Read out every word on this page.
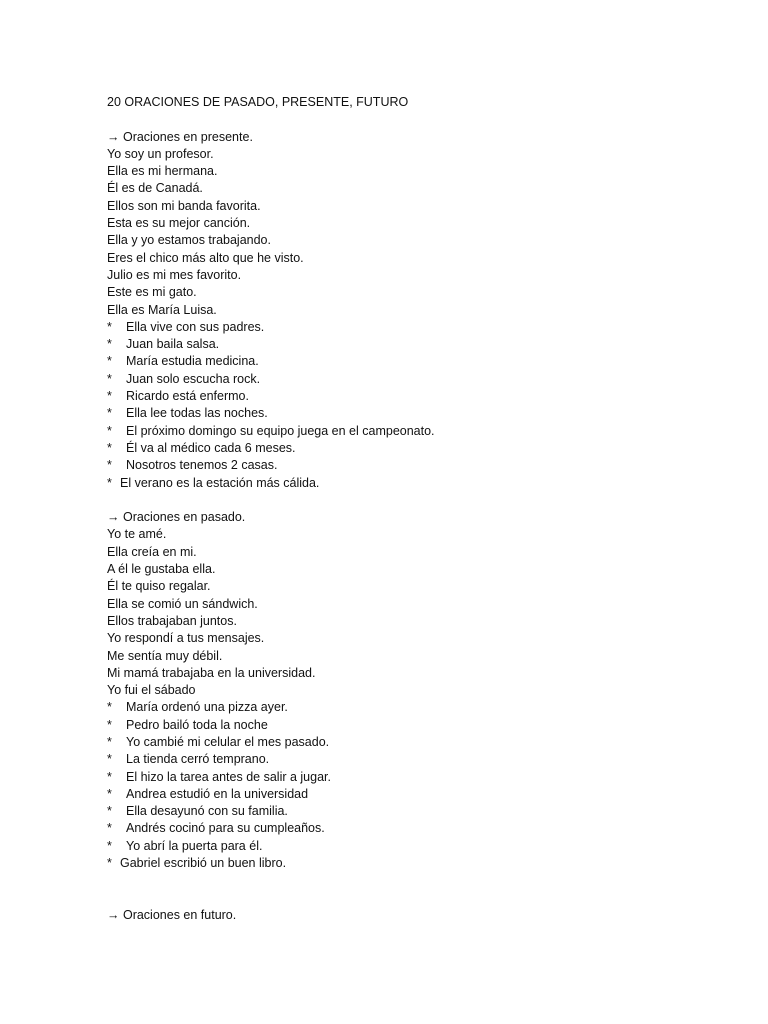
20 ORACIONES DE PASADO, PRESENTE, FUTURO
→ Oraciones en presente.
Yo soy un profesor.
Ella es mi hermana.
Él es de Canadá.
Ellos son mi banda favorita.
Esta es su mejor canción.
Ella y yo estamos trabajando.
Eres el chico más alto que he visto.
Julio es mi mes favorito.
Este es mi gato.
Ella es María Luisa.
* Ella vive con sus padres.
* Juan baila salsa.
* María estudia medicina.
* Juan solo escucha rock.
* Ricardo está enfermo.
* Ella lee todas las noches.
* El próximo domingo su equipo juega en el campeonato.
* Él va al médico cada 6 meses.
* Nosotros tenemos 2 casas.
* El verano es la estación más cálida.
→ Oraciones en pasado.
Yo te amé.
Ella creía en mi.
A él le gustaba ella.
Él te quiso regalar.
Ella se comió un sándwich.
Ellos trabajaban juntos.
Yo respondí a tus mensajes.
Me sentía muy débil.
Mi mamá trabajaba en la universidad.
Yo fui el sábado
* María ordenó una pizza ayer.
* Pedro bailó toda la noche
* Yo cambié mi celular el mes pasado.
* La tienda cerró temprano.
* El hizo la tarea antes de salir a jugar.
* Andrea estudió en la universidad
* Ella desayunó con su familia.
* Andrés cocinó para su cumpleaños.
* Yo abrí la puerta para él.
* Gabriel escribió un buen libro.
→ Oraciones en futuro.
